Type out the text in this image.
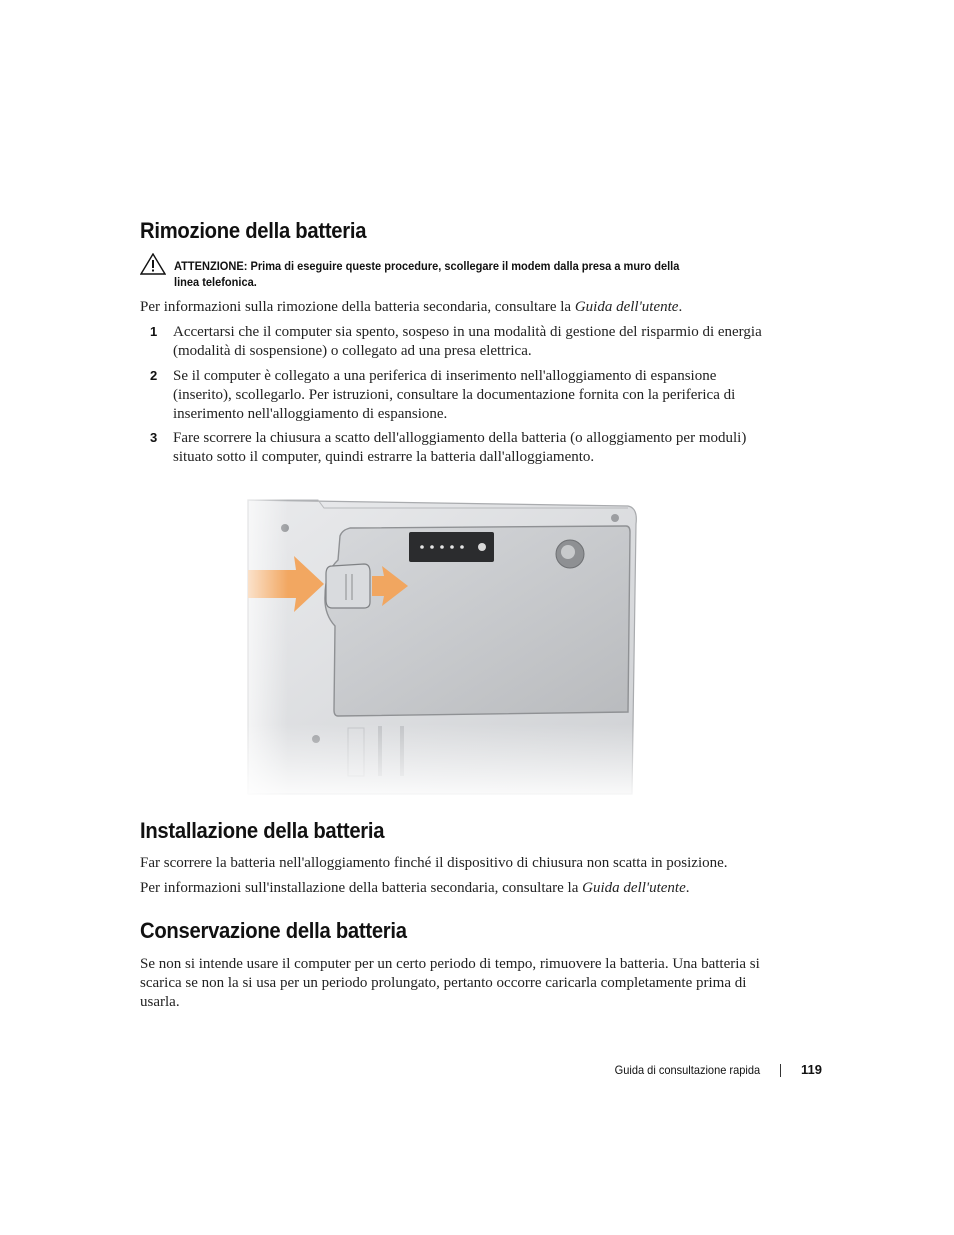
Rimozione della batteria
ATTENZIONE: Prima di eseguire queste procedure, scollegare il modem dalla presa a muro della linea telefonica.

Per informazioni sulla rimozione della batteria secondaria, consultare la Guida dell'utente.

1 Accertarsi che il computer sia spento, sospeso in una modalità di gestione del risparmio di energia (modalità di sospensione) o collegato ad una presa elettrica.

2 Se il computer è collegato a una periferica di inserimento nell'alloggiamento di espansione (inserito), scollegarlo. Per istruzioni, consultare la documentazione fornita con la periferica di inserimento nell'alloggiamento di espansione.

3 Fare scorrere la chiusura a scatto dell'alloggiamento della batteria (o alloggiamento per moduli) situato sotto il computer, quindi estrarre la batteria dall'alloggiamento.

Installazione della batteria

Far scorrere la batteria nell'alloggiamento finché il dispositivo di chiusura non scatta in posizione.

Per informazioni sull'installazione della batteria secondaria, consultare la Guida dell'utente.

Conservazione della batteria

Se non si intende usare il computer per un certo periodo di tempo, rimuovere la batteria. Una batteria si scarica se non la si usa per un periodo prolungato, pertanto occorre caricarla completamente prima di usarla.

Guida di consultazione rapida	119
